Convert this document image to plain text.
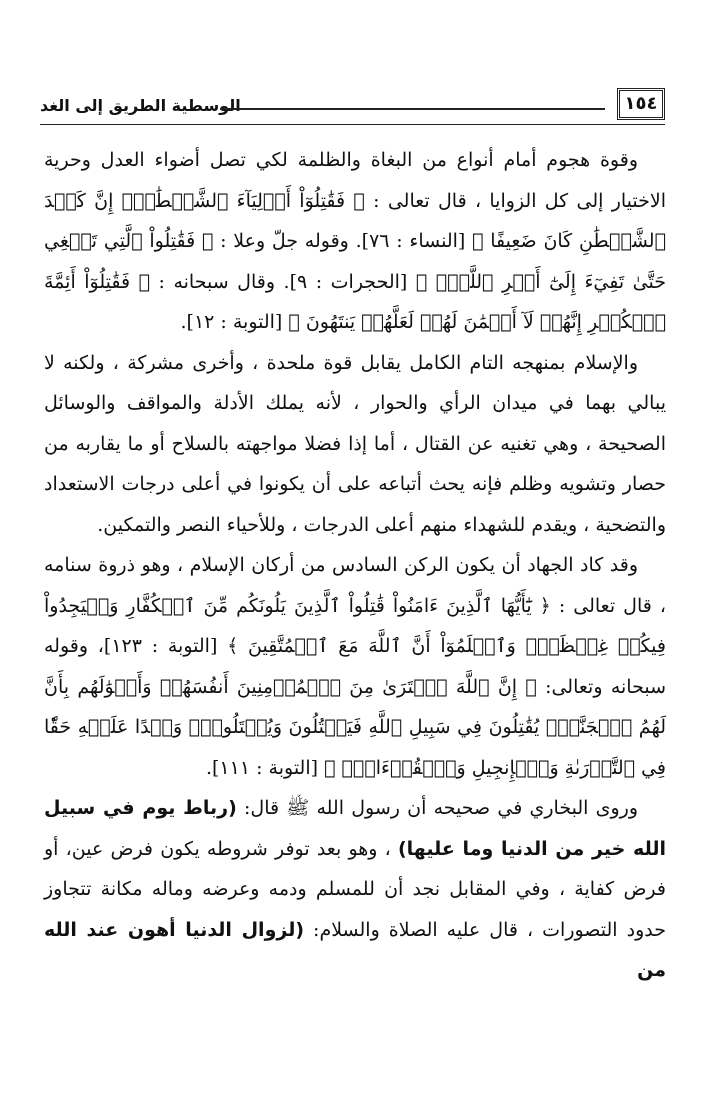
الوسطية الطريق إلى الغد	١٥٤

وقوة هجوم أمام أنواع من البغاة والظلمة لكي تصل أضواء العدل وحرية الاختيار إلى كل الزوايا ، قال تعالى : ﴿ فَقَٰتِلُوٓاْ أَوۡلِيَآءَ ٱلشَّيۡطَٰنِۖ إِنَّ كَيۡدَ ٱلشَّيۡطَٰنِ كَانَ ضَعِيفًا ﴾ [النساء : ٧٦]. وقوله جلّ وعلا : ﴿ فَقَٰتِلُواْ ٱلَّتِي تَبۡغِي حَتَّىٰ تَفِيٓءَ إِلَىٰٓ أَمۡرِ ٱللَّهِۚ ﴾ [الحجرات : ٩]. وقال سبحانه : ﴿ فَقَٰتِلُوٓاْ أَئِمَّةَ ٱلۡكُفۡرِ إِنَّهُمۡ لَآ أَيۡمَٰنَ لَهُمۡ لَعَلَّهُمۡ يَنتَهُونَ ﴾ [التوبة : ١٢].

والإسلام بمنهجه التام الكامل يقابل قوة ملحدة ، وأخرى مشركة ، ولكنه لا يبالي بهما في ميدان الرأي والحوار ، لأنه يملك الأدلة والمواقف والوسائل الصحيحة ، وهي تغنيه عن القتال ، أما إذا فضلا مواجهته بالسلاح أو ما يقاربه من حصار وتشويه وظلم فإنه يحث أتباعه على أن يكونوا في أعلى درجات الاستعداد والتضحية ، ويقدم للشهداء منهم أعلى الدرجات ، وللأحياء النصر والتمكين.

وقد كاد الجهاد أن يكون الركن السادس من أركان الإسلام ، وهو ذروة سنامه ، قال تعالى : ﴿ يَٰٓأَيُّهَا ٱلَّذِينَ ءَامَنُواْ قَٰتِلُواْ ٱلَّذِينَ يَلُونَكُم مِّنَ ٱلۡكُفَّارِ وَلۡيَجِدُواْ فِيكُمۡ غِلۡظَةٗۚ وَٱعۡلَمُوٓاْ أَنَّ ٱللَّهَ مَعَ ٱلۡمُتَّقِينَ ﴾ [التوبة : ١٢٣]، وقوله سبحانه وتعالى: ﴿ إِنَّ ٱللَّهَ ٱشۡتَرَىٰ مِنَ ٱلۡمُؤۡمِنِينَ أَنفُسَهُمۡ وَأَمۡوَٰلَهُم بِأَنَّ لَهُمُ ٱلۡجَنَّةَۚ يُقَٰتِلُونَ فِي سَبِيلِ ٱللَّهِ فَيَقۡتُلُونَ وَيُقۡتَلُونَۖ وَعۡدًا عَلَيۡهِ حَقّٗا فِي ٱلتَّوۡرَىٰةِ وَٱلۡإِنجِيلِ وَٱلۡقُرۡءَانِۚ ﴾ [التوبة : ١١١].

وروى البخاري في صحيحه أن رسول الله ﷺ قال: (رباط يوم في سبيل الله خير من الدنيا وما عليها) ، وهو بعد توفر شروطه يكون فرض عين، أو فرض كفاية ، وفي المقابل نجد أن للمسلم ودمه وعرضه وماله مكانة تتجاوز حدود التصورات ، قال عليه الصلاة والسلام: (لزوال الدنيا أهون عند الله من
